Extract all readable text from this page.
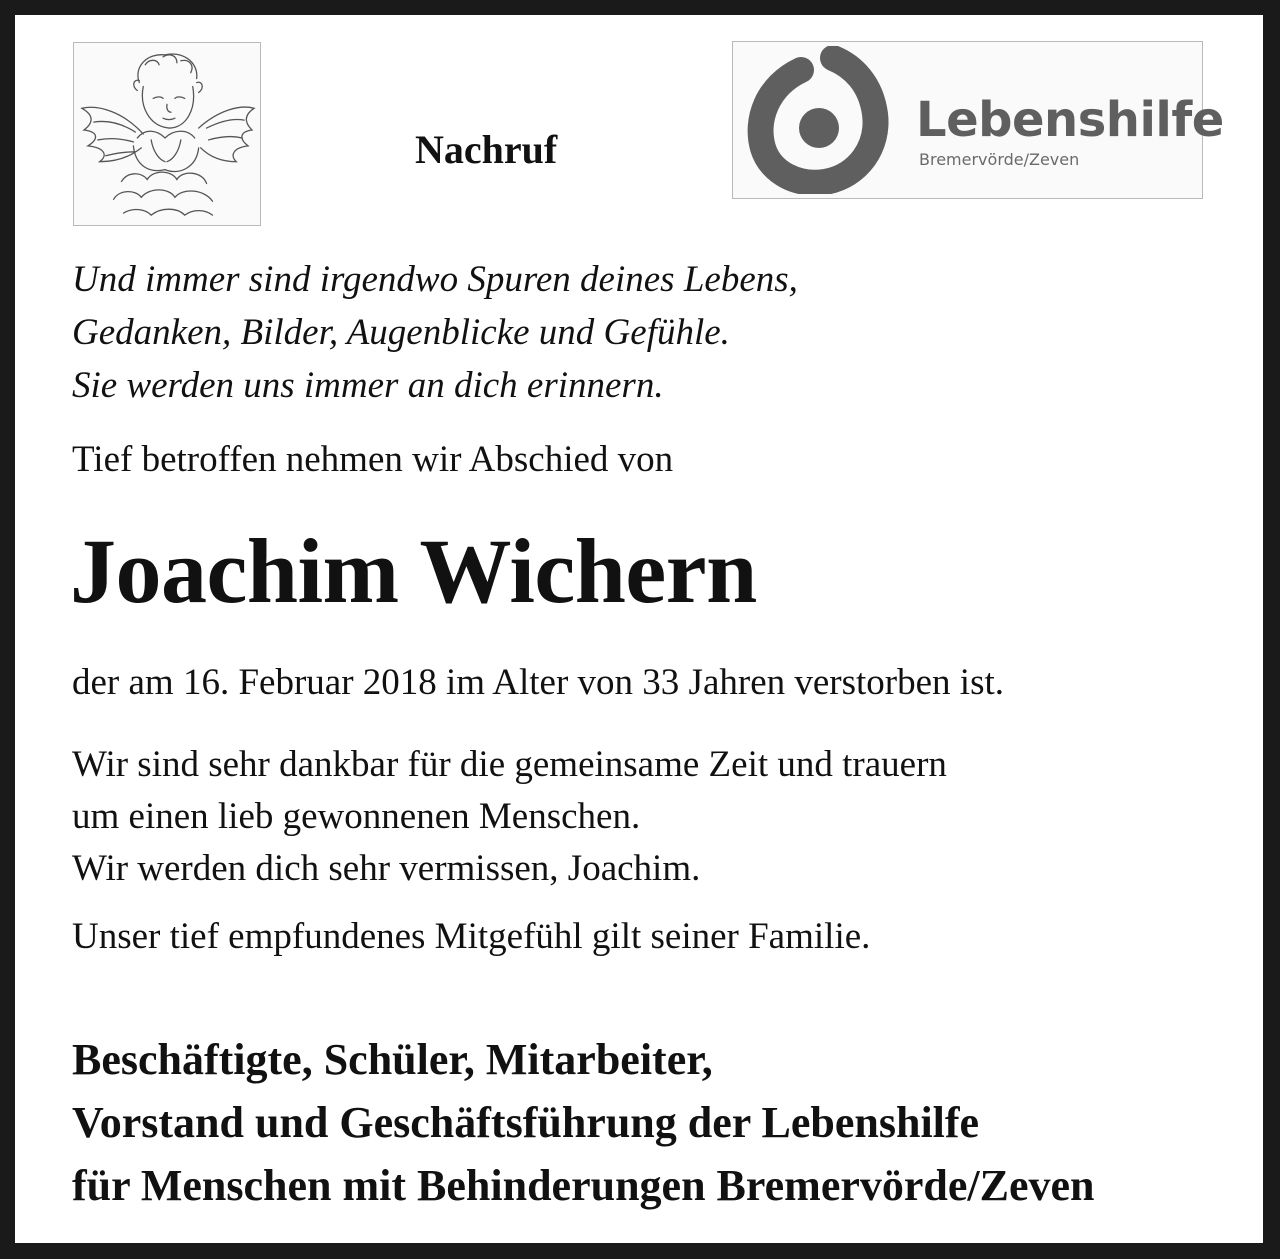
Nachruf
Lebenshilfe
Bremervörde/Zeven
Und immer sind irgendwo Spuren deines Lebens,
Gedanken, Bilder, Augenblicke und Gefühle.
Sie werden uns immer an dich erinnern.
Tief betroffen nehmen wir Abschied von
Joachim Wichern
der am 16. Februar 2018 im Alter von 33 Jahren verstorben ist.
Wir sind sehr dankbar für die gemeinsame Zeit und trauern
um einen lieb gewonnenen Menschen.
Wir werden dich sehr vermissen, Joachim.
Unser tief empfundenes Mitgefühl gilt seiner Familie.
Beschäftigte, Schüler, Mitarbeiter,
Vorstand und Geschäftsführung der Lebenshilfe
für Menschen mit Behinderungen Bremervörde/Zeven
